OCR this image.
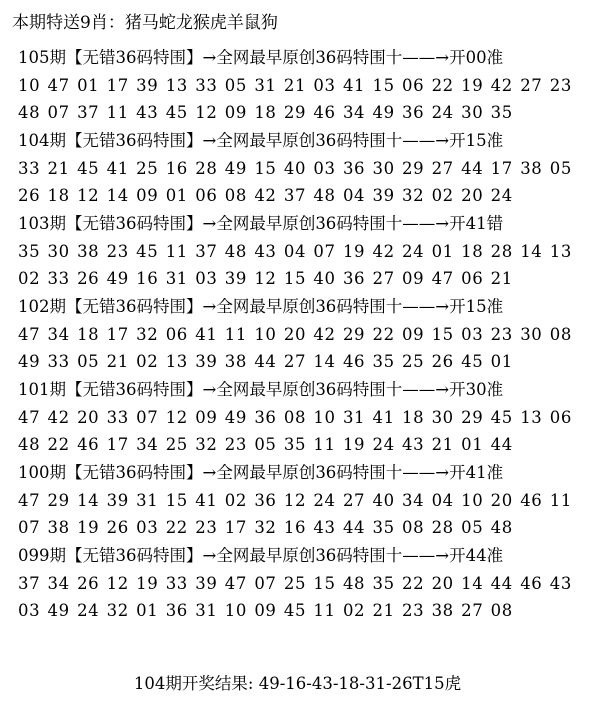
本期特送9肖：猪马蛇龙猴虎羊鼠狗
105期【无错36码特围】→全网最早原创36码特围十——→开00准
10 47 01 17 39 13 33 05 31 21 03 41 15 06 22 19 42 27 23
48 07 37 11 43 45 12 09 18 29 46 34 49 36 24 30 35
104期【无错36码特围】→全网最早原创36码特围十——→开15准
33 21 45 41 25 16 28 49 15 40 03 36 30 29 27 44 17 38 05
26 18 12 14 09 01 06 08 42 37 48 04 39 32 02 20 24
103期【无错36码特围】→全网最早原创36码特围十——→开41错
35 30 38 23 45 11 37 48 43 04 07 19 42 24 01 18 28 14 13
02 33 26 49 16 31 03 39 12 15 40 36 27 09 47 06 21
102期【无错36码特围】→全网最早原创36码特围十——→开15准
47 34 18 17 32 06 41 11 10 20 42 29 22 09 15 03 23 30 08
49 33 05 21 02 13 39 38 44 27 14 46 35 25 26 45 01
101期【无错36码特围】→全网最早原创36码特围十——→开30准
47 42 20 33 07 12 09 49 36 08 10 31 41 18 30 29 45 13 06
48 22 46 17 34 25 32 23 05 35 11 19 24 43 21 01 44
100期【无错36码特围】→全网最早原创36码特围十——→开41准
47 29 14 39 31 15 41 02 36 12 24 27 40 34 04 10 20 46 11
07 38 19 26 03 22 23 17 32 16 43 44 35 08 28 05 48
099期【无错36码特围】→全网最早原创36码特围十——→开44准
37 34 26 12 19 33 39 47 07 25 15 48 35 22 20 14 44 46 43
03 49 24 32 01 36 31 10 09 45 11 02 21 23 38 27 08
104期开奖结果: 49-16-43-18-31-26T15虎
